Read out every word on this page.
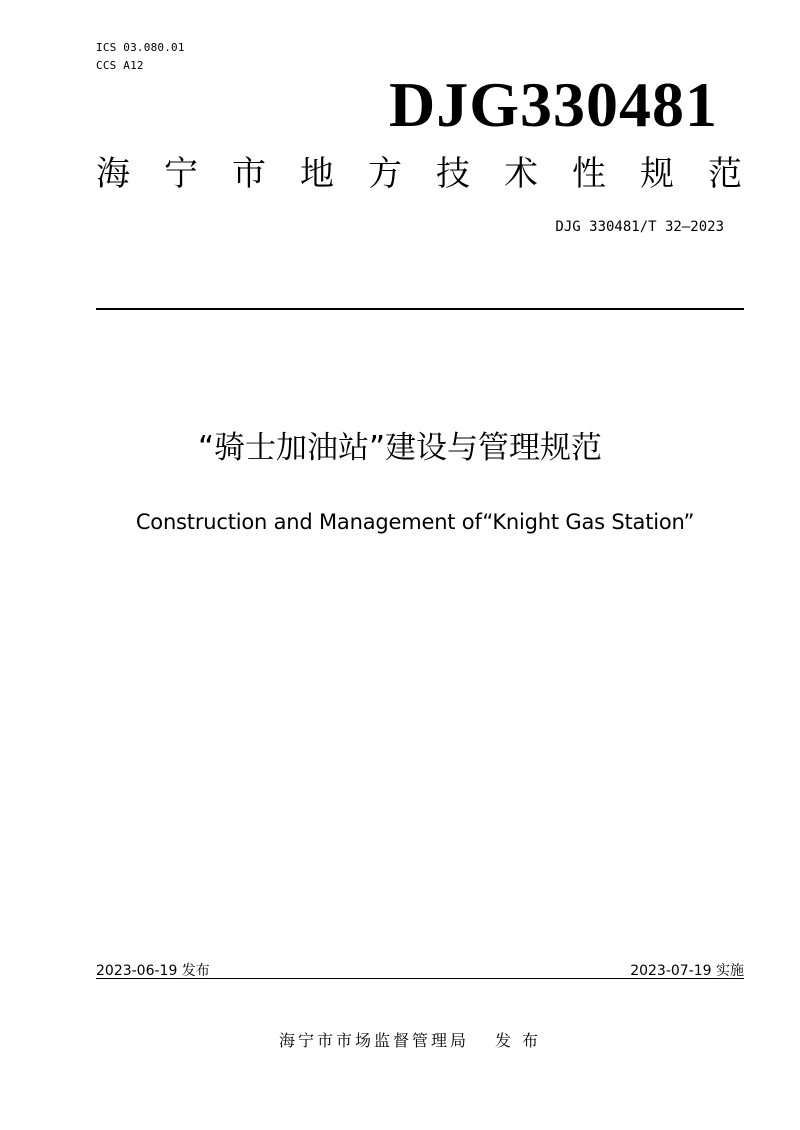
ICS 03.080.01
CCS A12
DJG330481
海 宁 市 地 方 技 术 性 规 范
DJG 330481/T 32—2023
“骑士加油站”建设与管理规范
Construction and Management of“Knight Gas Station”
2023-06-19 发布	2023-07-19 实施
海宁市市场监督管理局 发 布
